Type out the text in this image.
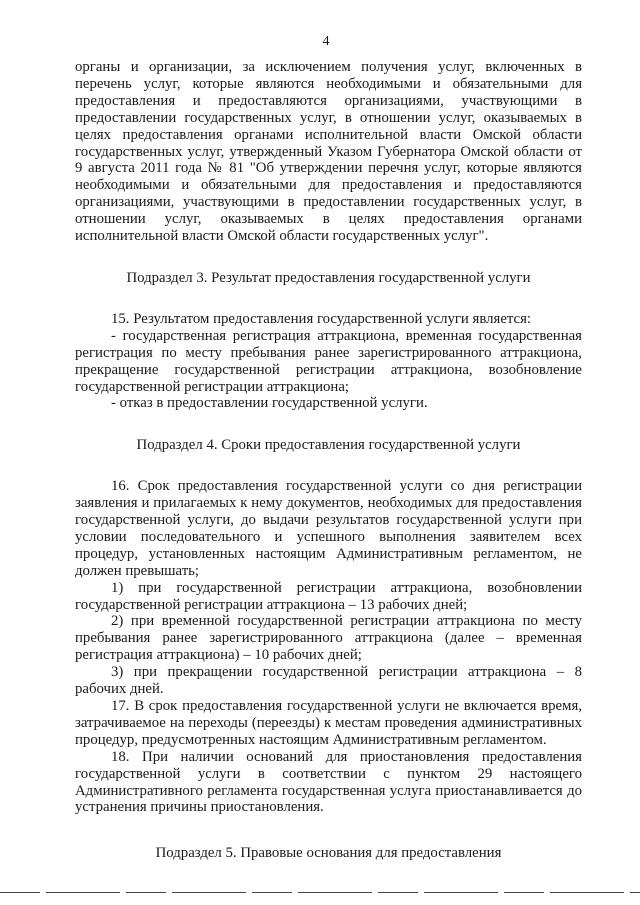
4

органы и организации, за исключением получения услуг, включенных в перечень услуг, которые являются необходимыми и обязательными для предоставления и предоставляются организациями, участвующими в предоставлении государственных услуг, в отношении услуг, оказываемых в целях предоставления органами исполнительной власти Омской области государственных услуг, утвержденный Указом Губернатора Омской области от 9 августа 2011 года № 81 "Об утверждении перечня услуг, которые являются необходимыми и обязательными для предоставления и предоставляются организациями, участвующими в предоставлении государственных услуг, в отношении услуг, оказываемых в целях предоставления органами исполнительной власти Омской области государственных услуг".

Подраздел 3. Результат предоставления государственной услуги

15. Результатом предоставления государственной услуги является:

- государственная регистрация аттракциона, временная государственная регистрация по месту пребывания ранее зарегистрированного аттракциона, прекращение государственной регистрации аттракциона, возобновление государственной регистрации аттракциона;

- отказ в предоставлении государственной услуги.

Подраздел 4. Сроки предоставления государственной услуги

16. Срок предоставления государственной услуги со дня регистрации заявления и прилагаемых к нему документов, необходимых для предоставления государственной услуги, до выдачи результатов государственной услуги при условии последовательного и успешного выполнения заявителем всех процедур, установленных настоящим Административным регламентом, не должен превышать;

1) при государственной регистрации аттракциона, возобновлении государственной регистрации аттракциона – 13 рабочих дней;

2) при временной государственной регистрации аттракциона по месту пребывания ранее зарегистрированного аттракциона (далее – временная регистрация аттракциона) – 10 рабочих дней;

3) при прекращении государственной регистрации аттракциона – 8 рабочих дней.

17. В срок предоставления государственной услуги не включается время, затрачиваемое на переходы (переезды) к местам проведения административных процедур, предусмотренных настоящим Административным регламентом.

18. При наличии оснований для приостановления предоставления государственной услуги в соответствии с пунктом 29 настоящего Административного регламента государственная услуга приостанавливается до устранения причины приостановления.

Подраздел 5. Правовые основания для предоставления
